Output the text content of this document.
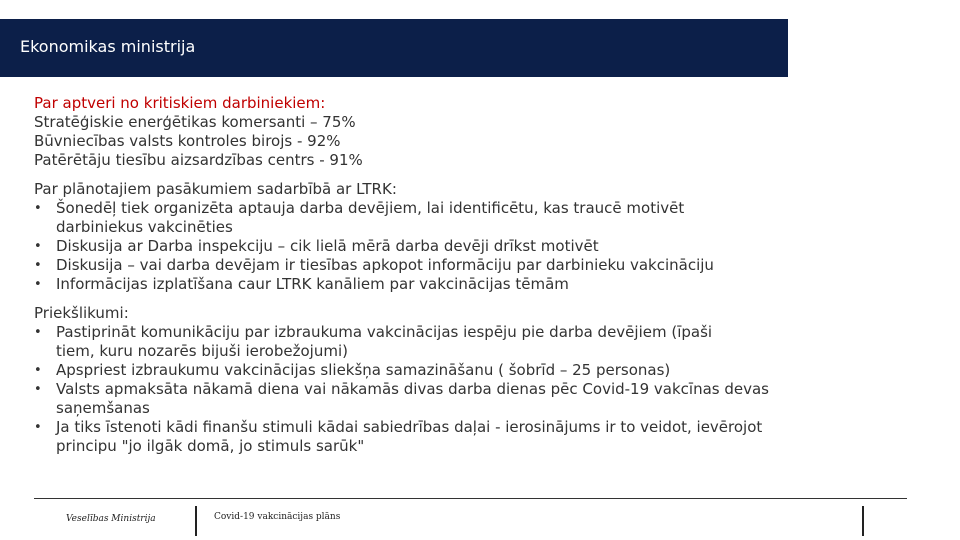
Ekonomikas ministrija
Par aptveri no kritiskiem darbiniekiem:
Stratēģiskie enerģētikas komersanti – 75%
Būvniecības valsts kontroles birojs - 92%
Patērētāju tiesību aizsardzības centrs - 91%
Par plānotajiem pasākumiem sadarbībā ar LTRK:
• Šonedēļ tiek organizēta aptauja darba devējiem, lai identificētu, kas traucē motivēt darbiniekus vakcinēties
• Diskusija ar Darba inspekciju – cik lielā mērā darba devēji drīkst motivēt
• Diskusija – vai darba devējam ir tiesības apkopot informāciju par darbinieku vakcināciju
• Informācijas izplatīšana caur LTRK kanāliem par vakcinācijas tēmām
Priekšlikumi:
• Pastiprināt komunikāciju par izbraukuma vakcinācijas iespēju pie darba devējiem (īpaši tiem, kuru nozarēs bijuši ierobežojumi)
• Apspriest izbraukumu vakcinācijas sliekšņa samazināšanu ( šobrīd – 25 personas)
• Valsts apmaksāta nākamā diena vai nākamās divas darba dienas pēc Covid-19 vakcīnas devas saņemšanas
• Ja tiks īstenoti kādi finanšu stimuli kādai sabiedrības daļai - ierosinājums ir to veidot, ievērojot principu "jo ilgāk domā, jo stimuls sarūk"
Veselības Ministrija	Covid-19 vakcinācijas plāns
